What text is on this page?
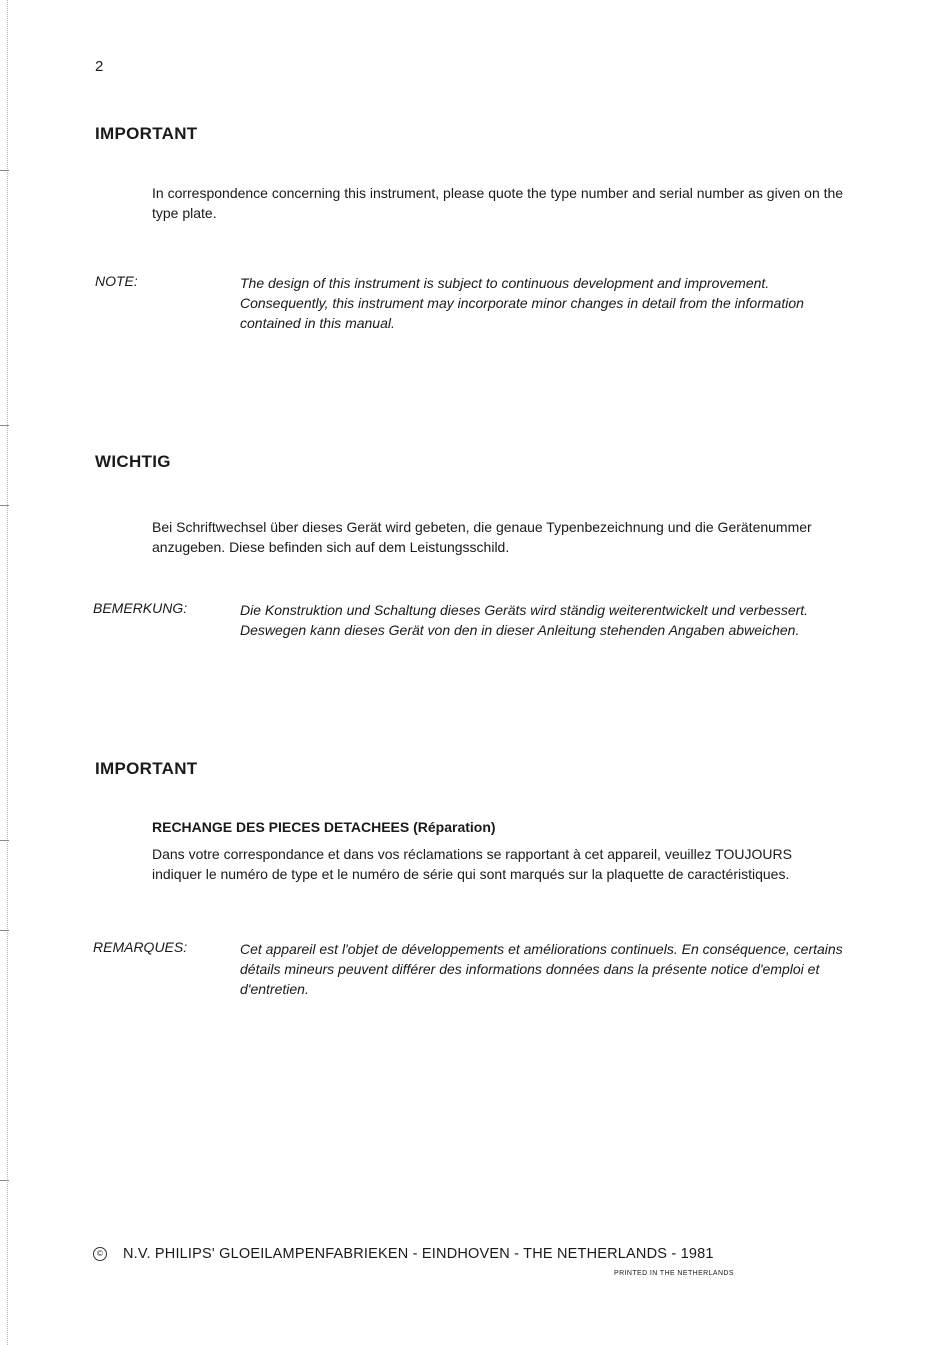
2
IMPORTANT
In correspondence concerning this instrument, please quote the type number and serial number as given on the type plate.
NOTE:	The design of this instrument is subject to continuous development and improvement. Consequently, this instrument may incorporate minor changes in detail from the information contained in this manual.
WICHTIG
Bei Schriftwechsel über dieses Gerät wird gebeten, die genaue Typenbezeichnung und die Gerätenummer anzugeben. Diese befinden sich auf dem Leistungsschild.
BEMERKUNG:	Die Konstruktion und Schaltung dieses Geräts wird ständig weiterentwickelt und verbessert. Deswegen kann dieses Gerät von den in dieser Anleitung stehenden Angaben abweichen.
IMPORTANT
RECHANGE DES PIECES DETACHEES (Réparation)
Dans votre correspondance et dans vos réclamations se rapportant à cet appareil, veuillez TOUJOURS indiquer le numéro de type et le numéro de série qui sont marqués sur la plaquette de caractéristiques.
REMARQUES:	Cet appareil est l'objet de développements et améliorations continuels. En conséquence, certains détails mineurs peuvent différer des informations données dans la présente notice d'emploi et d'entretien.
© N.V. PHILIPS' GLOEILAMPENFABRIEKEN - EINDHOVEN - THE NETHERLANDS - 1981
PRINTED IN THE NETHERLANDS
